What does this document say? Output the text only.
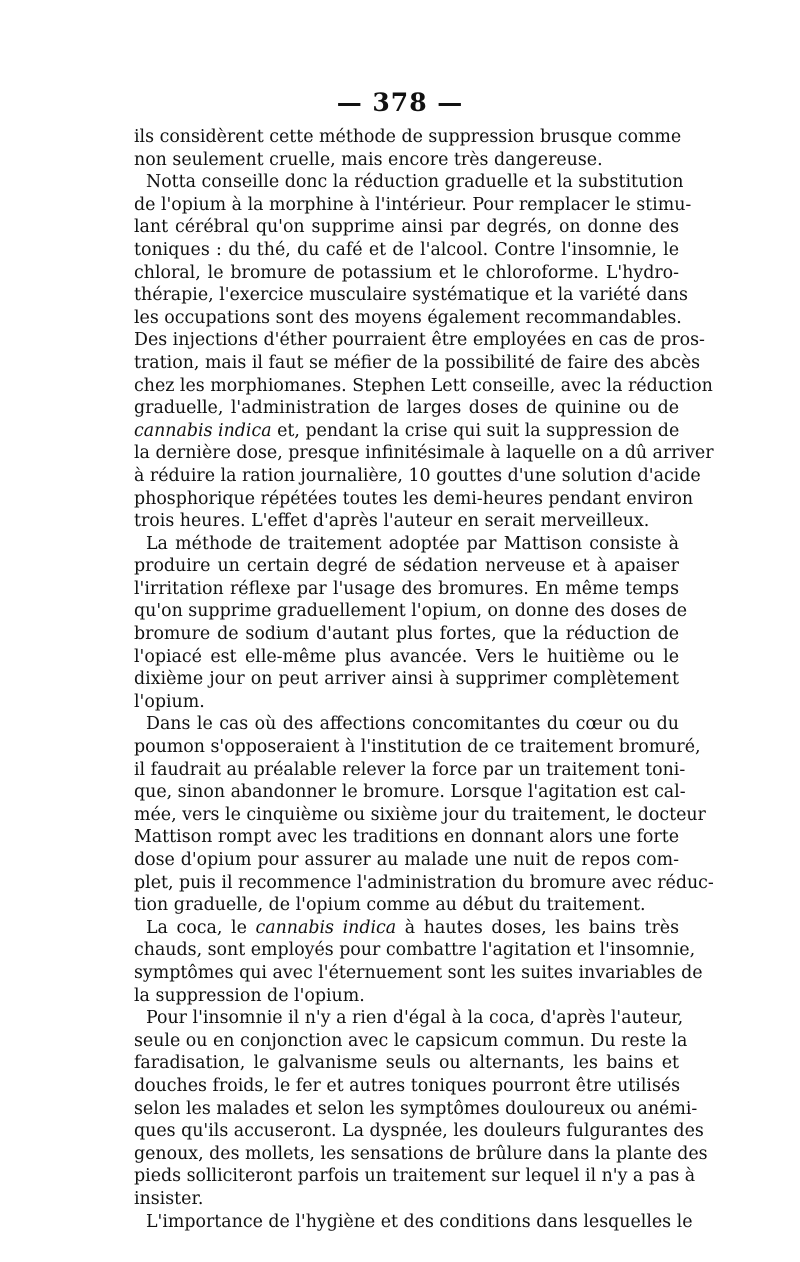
— 378 —
ils considèrent cette méthode de suppression brusque comme
non seulement cruelle, mais encore très dangereuse.
Notta conseille donc la réduction graduelle et la substitution
de l'opium à la morphine à l'intérieur. Pour remplacer le stimu-
lant cérébral qu'on supprime ainsi par degrés, on donne des
toniques : du thé, du café et de l'alcool. Contre l'insomnie, le
chloral, le bromure de potassium et le chloroforme. L'hydro-
thérapie, l'exercice musculaire systématique et la variété dans
les occupations sont des moyens également recommandables.
Des injections d'éther pourraient être employées en cas de pros-
tration, mais il faut se méfier de la possibilité de faire des abcès
chez les morphiomanes. Stephen Lett conseille, avec la réduction
graduelle, l'administration de larges doses de quinine ou de
cannabis indica et, pendant la crise qui suit la suppression de
la dernière dose, presque infinitésimale à laquelle on a dû arriver
à réduire la ration journalière, 10 gouttes d'une solution d'acide
phosphorique répétées toutes les demi-heures pendant environ
trois heures. L'effet d'après l'auteur en serait merveilleux.
La méthode de traitement adoptée par Mattison consiste à
produire un certain degré de sédation nerveuse et à apaiser
l'irritation réflexe par l'usage des bromures. En même temps
qu'on supprime graduellement l'opium, on donne des doses de
bromure de sodium d'autant plus fortes, que la réduction de
l'opiacé est elle-même plus avancée. Vers le huitième ou le
dixième jour on peut arriver ainsi à supprimer complètement
l'opium.
Dans le cas où des affections concomitantes du cœur ou du
poumon s'opposeraient à l'institution de ce traitement bromuré,
il faudrait au préalable relever la force par un traitement toni-
que, sinon abandonner le bromure. Lorsque l'agitation est cal-
mée, vers le cinquième ou sixième jour du traitement, le docteur
Mattison rompt avec les traditions en donnant alors une forte
dose d'opium pour assurer au malade une nuit de repos com-
plet, puis il recommence l'administration du bromure avec réduc-
tion graduelle, de l'opium comme au début du traitement.
La coca, le cannabis indica à hautes doses, les bains très
chauds, sont employés pour combattre l'agitation et l'insomnie,
symptômes qui avec l'éternuement sont les suites invariables de
la suppression de l'opium.
Pour l'insomnie il n'y a rien d'égal à la coca, d'après l'auteur,
seule ou en conjonction avec le capsicum commun. Du reste la
faradisation, le galvanisme seuls ou alternants, les bains et
douches froids, le fer et autres toniques pourront être utilisés
selon les malades et selon les symptômes douloureux ou anémi-
ques qu'ils accuseront. La dyspnée, les douleurs fulgurantes des
genoux, des mollets, les sensations de brûlure dans la plante des
pieds solliciteront parfois un traitement sur lequel il n'y a pas à
insister.
L'importance de l'hygiène et des conditions dans lesquelles le
